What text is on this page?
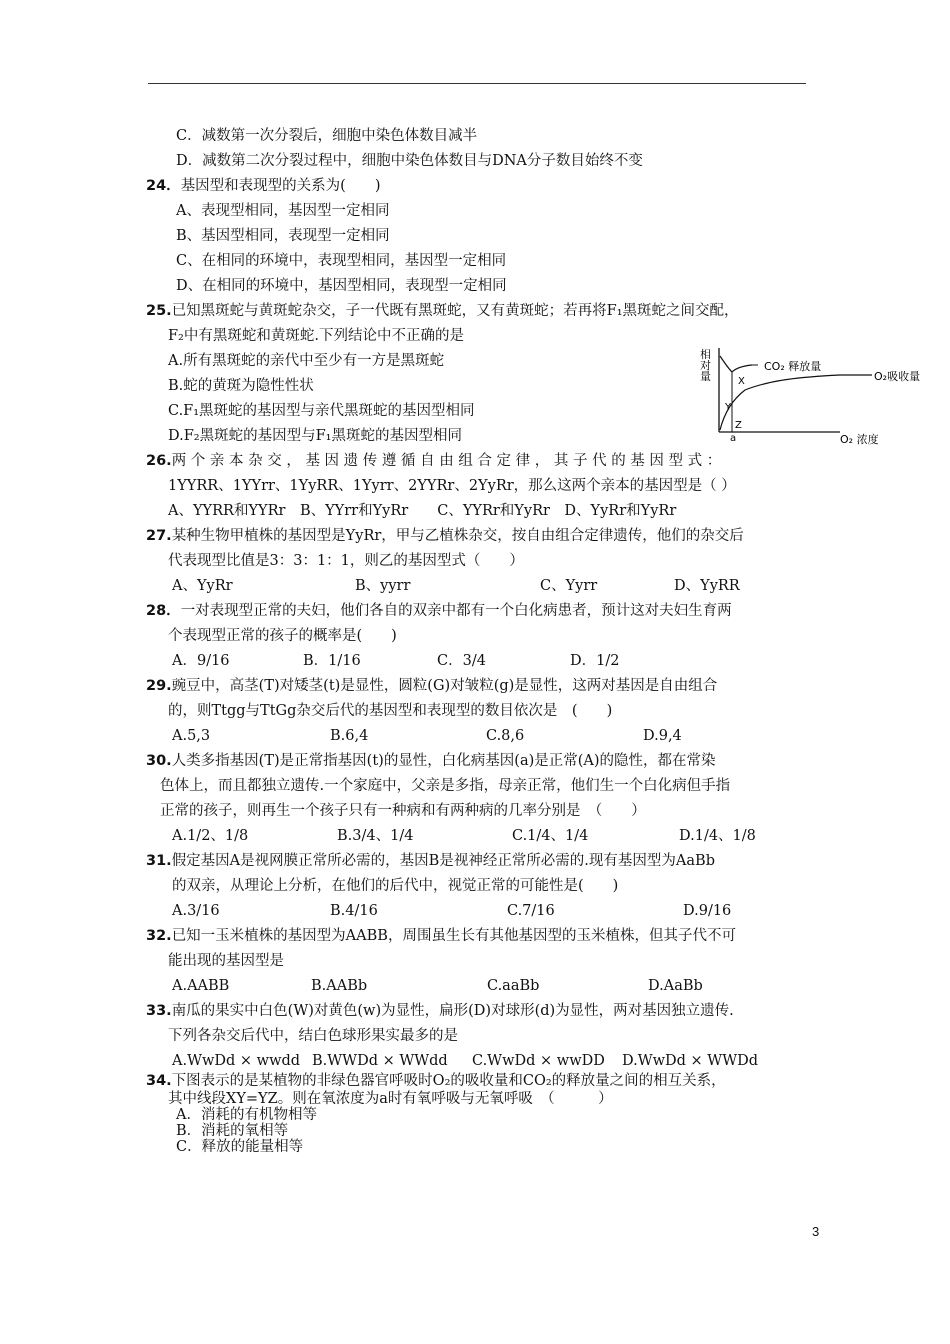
C．减数第一次分裂后，细胞中染色体数目减半
D．减数第二次分裂过程中，细胞中染色体数目与DNA分子数目始终不变
24．基因型和表现型的关系为(　　)
A、表现型相同，基因型一定相同
B、基因型相同，表现型一定相同
C、在相同的环境中，表现型相同，基因型一定相同
D、在相同的环境中，基因型相同，表现型一定相同
25.已知黑斑蛇与黄斑蛇杂交，子一代既有黑斑蛇，又有黄斑蛇；若再将F₁黑斑蛇之间交配，
F₂中有黑斑蛇和黄斑蛇.下列结论中不正确的是
A.所有黑斑蛇的亲代中至少有一方是黑斑蛇
B.蛇的黄斑为隐性性状
C.F₁黑斑蛇的基因型与亲代黑斑蛇的基因型相同
D.F₂黑斑蛇的基因型与F₁黑斑蛇的基因型相同
相
对
量
CO₂ 释放量
O₂吸收量
X
Y
Z
a	O₂ 浓度
26.两 个 亲 本 杂 交 ， 基 因 遗 传 遵 循 自 由 组 合 定 律 ， 其 子 代 的 基 因 型 式 ：
1YYRR、1YYrr、1YyRR、1Yyrr、2YYRr、2YyRr，那么这两个亲本的基因型是（ ）
A、YYRR和YYRr　B、YYrr和YyRr　　C、YYRr和YyRr　D、YyRr和YyRr
27.某种生物甲植株的基因型是YyRr，甲与乙植株杂交，按自由组合定律遗传，他们的杂交后
代表现型比值是3：3：1：1，则乙的基因型式（　　）
A、YyRr	B、yyrr	C、Yyrr	D、YyRR
28．一对表现型正常的夫妇，他们各自的双亲中都有一个白化病患者，预计这对夫妇生育两
个表现型正常的孩子的概率是(　　)
A．9/16	B．1/16	C．3/4	D．1/2
29.豌豆中，高茎(T)对矮茎(t)是显性，圆粒(G)对皱粒(g)是显性，这两对基因是自由组合
的，则Ttgg与TtGg杂交后代的基因型和表现型的数目依次是　(　　)
A.5,3	B.6,4	C.8,6	D.9,4
30.人类多指基因(T)是正常指基因(t)的显性，白化病基因(a)是正常(A)的隐性，都在常染
色体上，而且都独立遗传.一个家庭中，父亲是多指，母亲正常，他们生一个白化病但手指
正常的孩子，则再生一个孩子只有一种病和有两种病的几率分别是　（　　）
A.1/2、1/8	B.3/4、1/4	C.1/4、1/4	D.1/4、1/8
31.假定基因A是视网膜正常所必需的，基因B是视神经正常所必需的.现有基因型为AaBb
的双亲，从理论上分析，在他们的后代中，视觉正常的可能性是(　　)
A.3/16	B.4/16	C.7/16	D.9/16
32.已知一玉米植株的基因型为AABB，周围虽生长有其他基因型的玉米植株，但其子代不可
能出现的基因型是
A.AABB	B.AABb	C.aaBb	D.AaBb
33.南瓜的果实中白色(W)对黄色(w)为显性，扁形(D)对球形(d)为显性，两对基因独立遗传.
下列各杂交后代中，结白色球形果实最多的是
A.WwDd × wwdd B.WWDd × WWdd C.WwDd × wwDD D.WwDd × WWDd
34.下图表示的是某植物的非绿色器官呼吸时O₂的吸收量和CO₂的释放量之间的相互关系，
其中线段XY=YZ。则在氧浓度为a时有氧呼吸与无氧呼吸　（　　　）
A．消耗的有机物相等
B．消耗的氧相等
C．释放的能量相等
3
